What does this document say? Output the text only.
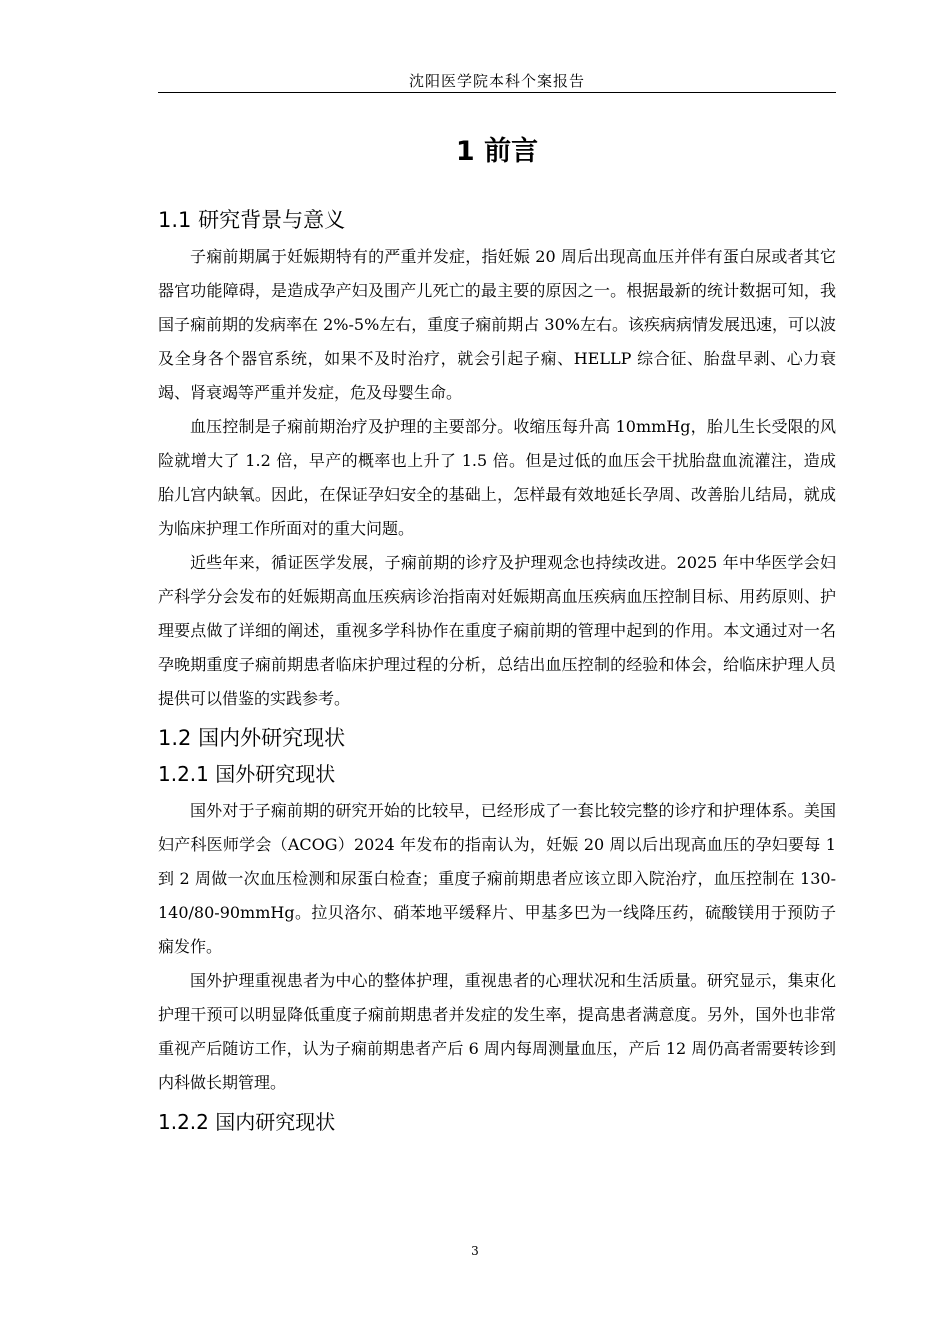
沈阳医学院本科个案报告
1 前言
1.1 研究背景与意义

子痫前期属于妊娠期特有的严重并发症，指妊娠 20 周后出现高血压并伴有蛋白尿或者其它器官功能障碍，是造成孕产妇及围产儿死亡的最主要的原因之一。根据最新的统计数据可知，我国子痫前期的发病率在 2%-5%左右，重度子痫前期占 30%左右。该疾病病情发展迅速，可以波及全身各个器官系统，如果不及时治疗，就会引起子痫、HELLP 综合征、胎盘早剥、心力衰竭、肾衰竭等严重并发症，危及母婴生命。

血压控制是子痫前期治疗及护理的主要部分。收缩压每升高 10mmHg，胎儿生长受限的风险就增大了 1.2 倍，早产的概率也上升了 1.5 倍。但是过低的血压会干扰胎盘血流灌注，造成胎儿宫内缺氧。因此，在保证孕妇安全的基础上，怎样最有效地延长孕周、改善胎儿结局，就成为临床护理工作所面对的重大问题。

近些年来，循证医学发展，子痫前期的诊疗及护理观念也持续改进。2025 年中华医学会妇产科学分会发布的妊娠期高血压疾病诊治指南对妊娠期高血压疾病血压控制目标、用药原则、护理要点做了详细的阐述，重视多学科协作在重度子痫前期的管理中起到的作用。本文通过对一名孕晚期重度子痫前期患者临床护理过程的分析，总结出血压控制的经验和体会，给临床护理人员提供可以借鉴的实践参考。

1.2 国内外研究现状
1.2.1 国外研究现状

国外对于子痫前期的研究开始的比较早，已经形成了一套比较完整的诊疗和护理体系。美国妇产科医师学会（ACOG）2024 年发布的指南认为，妊娠 20 周以后出现高血压的孕妇要每 1 到 2 周做一次血压检测和尿蛋白检查；重度子痫前期患者应该立即入院治疗，血压控制在 130-140/80-90mmHg。拉贝洛尔、硝苯地平缓释片、甲基多巴为一线降压药，硫酸镁用于预防子痫发作。

国外护理重视患者为中心的整体护理，重视患者的心理状况和生活质量。研究显示，集束化护理干预可以明显降低重度子痫前期患者并发症的发生率，提高患者满意度。另外，国外也非常重视产后随访工作，认为子痫前期患者产后 6 周内每周测量血压，产后 12 周仍高者需要转诊到内科做长期管理。

1.2.2 国内研究现状
3
